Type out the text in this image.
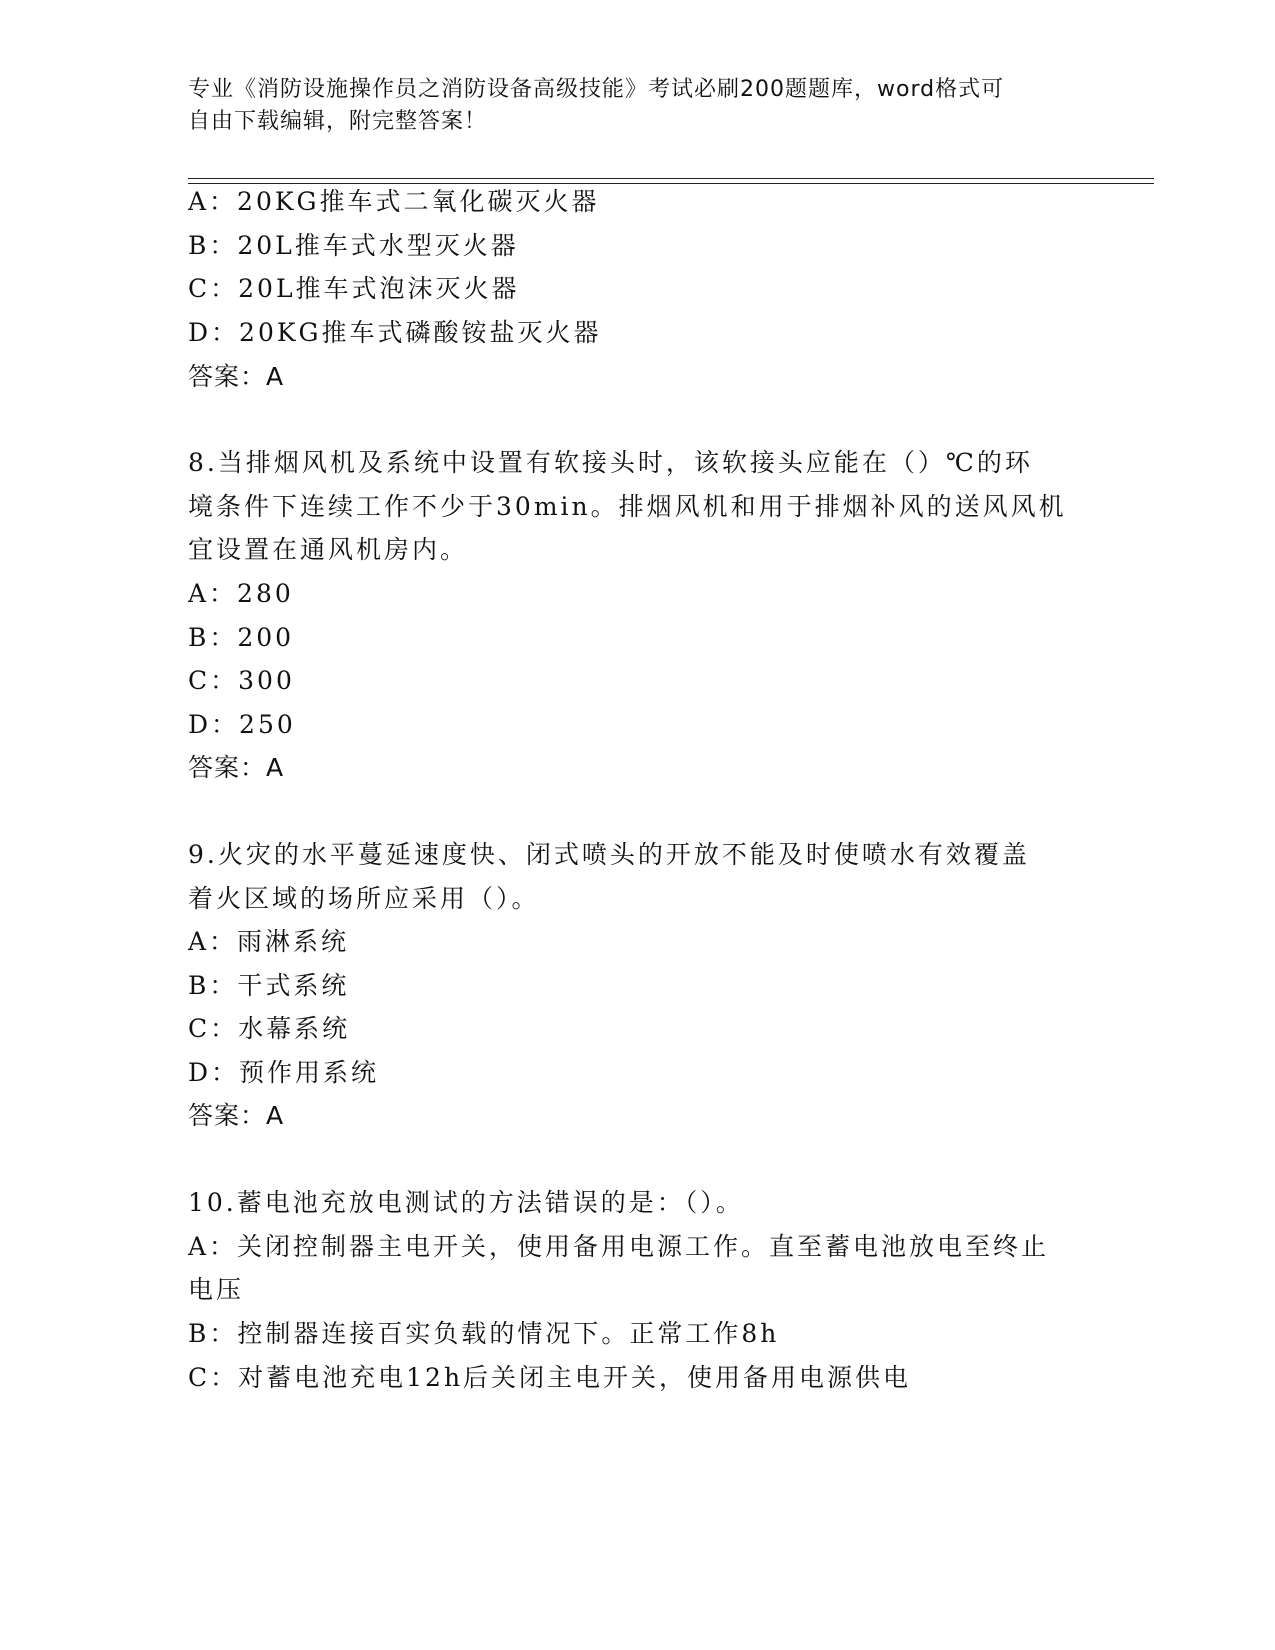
专业《消防设施操作员之消防设备高级技能》考试必刷200题题库，word格式可
自由下载编辑，附完整答案！
A：20KG推车式二氧化碳灭火器
B：20L推车式水型灭火器
C：20L推车式泡沫灭火器
D：20KG推车式磷酸铵盐灭火器
答案：A
8.当排烟风机及系统中设置有软接头时，该软接头应能在（）℃的环
境条件下连续工作不少于30min。排烟风机和用于排烟补风的送风风机
宜设置在通风机房内。
A：280
B：200
C：300
D：250
答案：A
9.火灾的水平蔓延速度快、闭式喷头的开放不能及时使喷水有效覆盖
着火区域的场所应采用（）。
A：雨淋系统
B：干式系统
C：水幕系统
D：预作用系统
答案：A
10.蓄电池充放电测试的方法错误的是：（）。
A：关闭控制器主电开关，使用备用电源工作。直至蓄电池放电至终止
电压
B：控制器连接百实负载的情况下。正常工作8h
C：对蓄电池充电12h后关闭主电开关，使用备用电源供电
